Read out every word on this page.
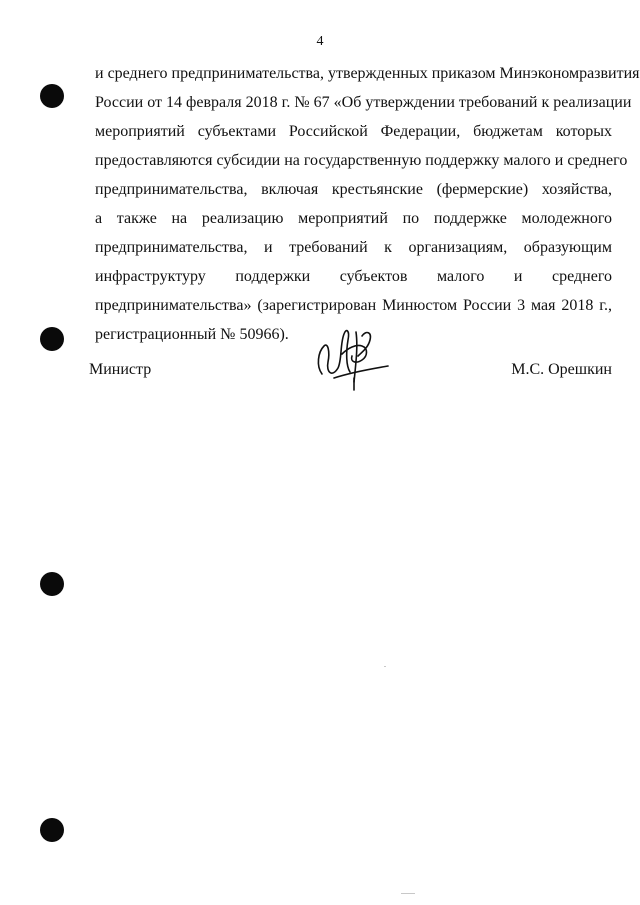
4
и среднего предпринимательства, утвержденных приказом Минэкономразвития
России от 14 февраля 2018 г. № 67 «Об утверждении требований к реализации
мероприятий субъектами Российской Федерации, бюджетам которых
предоставляются субсидии на государственную поддержку малого и среднего
предпринимательства, включая крестьянские (фермерские) хозяйства,
а также на реализацию мероприятий по поддержке молодежного
предпринимательства, и требований к организациям, образующим
инфраструктуру поддержки субъектов малого и среднего
предпринимательства» (зарегистрирован Минюстом России 3 мая 2018 г.,
регистрационный № 50966).
Министр	М.С. Орешкин
